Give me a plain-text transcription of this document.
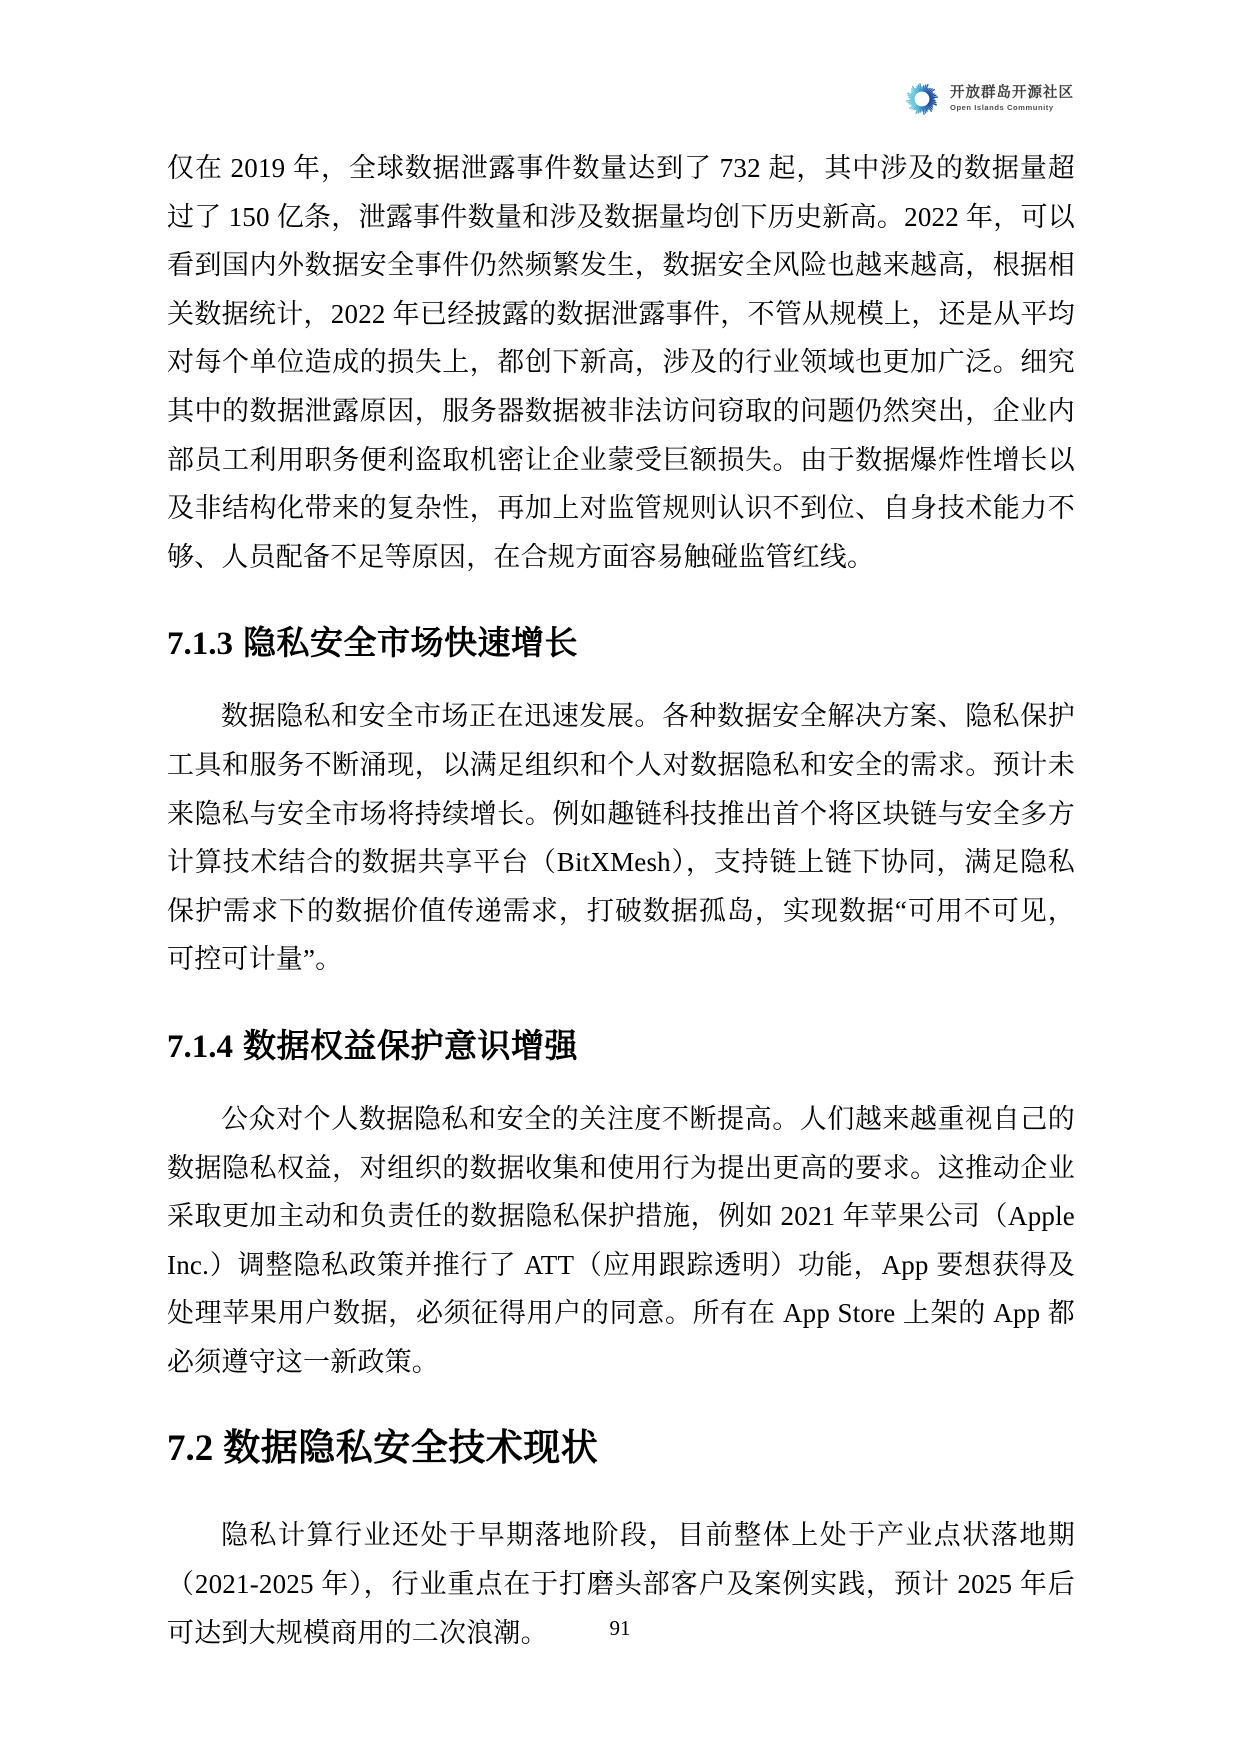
开放群岛开源社区
Open Islands Community

仅在 2019 年，全球数据泄露事件数量达到了 732 起，其中涉及的数据量超过了 150 亿条，泄露事件数量和涉及数据量均创下历史新高。2022 年，可以看到国内外数据安全事件仍然频繁发生，数据安全风险也越来越高，根据相关数据统计，2022 年已经披露的数据泄露事件，不管从规模上，还是从平均对每个单位造成的损失上，都创下新高，涉及的行业领域也更加广泛。细究其中的数据泄露原因，服务器数据被非法访问窃取的问题仍然突出，企业内部员工利用职务便利盗取机密让企业蒙受巨额损失。由于数据爆炸性增长以及非结构化带来的复杂性，再加上对监管规则认识不到位、自身技术能力不够、人员配备不足等原因，在合规方面容易触碰监管红线。

7.1.3 隐私安全市场快速增长

数据隐私和安全市场正在迅速发展。各种数据安全解决方案、隐私保护工具和服务不断涌现，以满足组织和个人对数据隐私和安全的需求。预计未来隐私与安全市场将持续增长。例如趣链科技推出首个将区块链与安全多方计算技术结合的数据共享平台（BitXMesh），支持链上链下协同，满足隐私保护需求下的数据价值传递需求，打破数据孤岛，实现数据“可用不可见，可控可计量”。

7.1.4 数据权益保护意识增强

公众对个人数据隐私和安全的关注度不断提高。人们越来越重视自己的数据隐私权益，对组织的数据收集和使用行为提出更高的要求。这推动企业采取更加主动和负责任的数据隐私保护措施，例如 2021 年苹果公司（Apple Inc.）调整隐私政策并推行了 ATT（应用跟踪透明）功能，App 要想获得及处理苹果用户数据，必须征得用户的同意。所有在 App Store 上架的 App 都必须遵守这一新政策。

7.2 数据隐私安全技术现状

隐私计算行业还处于早期落地阶段，目前整体上处于产业点状落地期（2021-2025 年），行业重点在于打磨头部客户及案例实践，预计 2025 年后可达到大规模商用的二次浪潮。	91
